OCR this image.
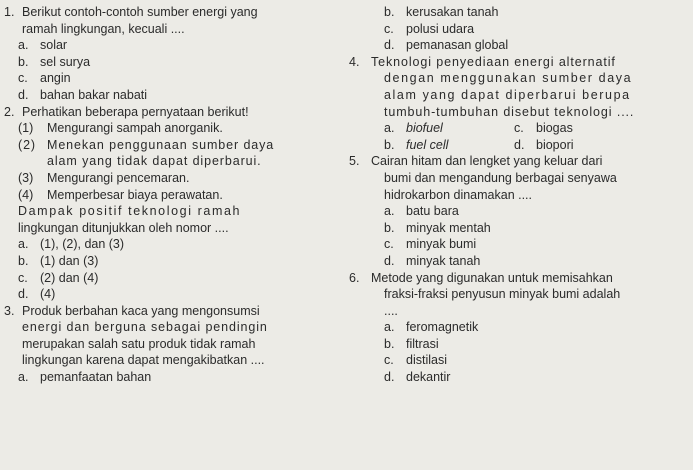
1. Berikut contoh-contoh sumber energi yang
ramah lingkungan, kecuali ....
a. solar
b. sel surya
c. angin
d. bahan bakar nabati
2. Perhatikan beberapa pernyataan berikut!
(1) Mengurangi sampah anorganik.
(2) Menekan penggunaan sumber daya
alam yang tidak dapat diperbarui.
(3) Mengurangi pencemaran.
(4) Memperbesar biaya perawatan.
Dampak positif teknologi ramah
lingkungan ditunjukkan oleh nomor ....
a. (1), (2), dan (3)
b. (1) dan (3)
c. (2) dan (4)
d. (4)
3. Produk berbahan kaca yang mengonsumsi
energi dan berguna sebagai pendingin
merupakan salah satu produk tidak ramah
lingkungan karena dapat mengakibatkan ....
a. pemanfaatan bahan
b. kerusakan tanah
c. polusi udara
d. pemanasan global
4. Teknologi penyediaan energi alternatif
dengan menggunakan sumber daya
alam yang dapat diperbarui berupa
tumbuh-tumbuhan disebut teknologi ....
a. biofuel	c. biogas
b. fuel cell	d. biopori
5. Cairan hitam dan lengket yang keluar dari
bumi dan mengandung berbagai senyawa
hidrokarbon dinamakan ....
a. batu bara
b. minyak mentah
c. minyak bumi
d. minyak tanah
6. Metode yang digunakan untuk memisahkan
fraksi-fraksi penyusun minyak bumi adalah
....
a. feromagnetik
b. filtrasi
c. distilasi
d. dekantir
